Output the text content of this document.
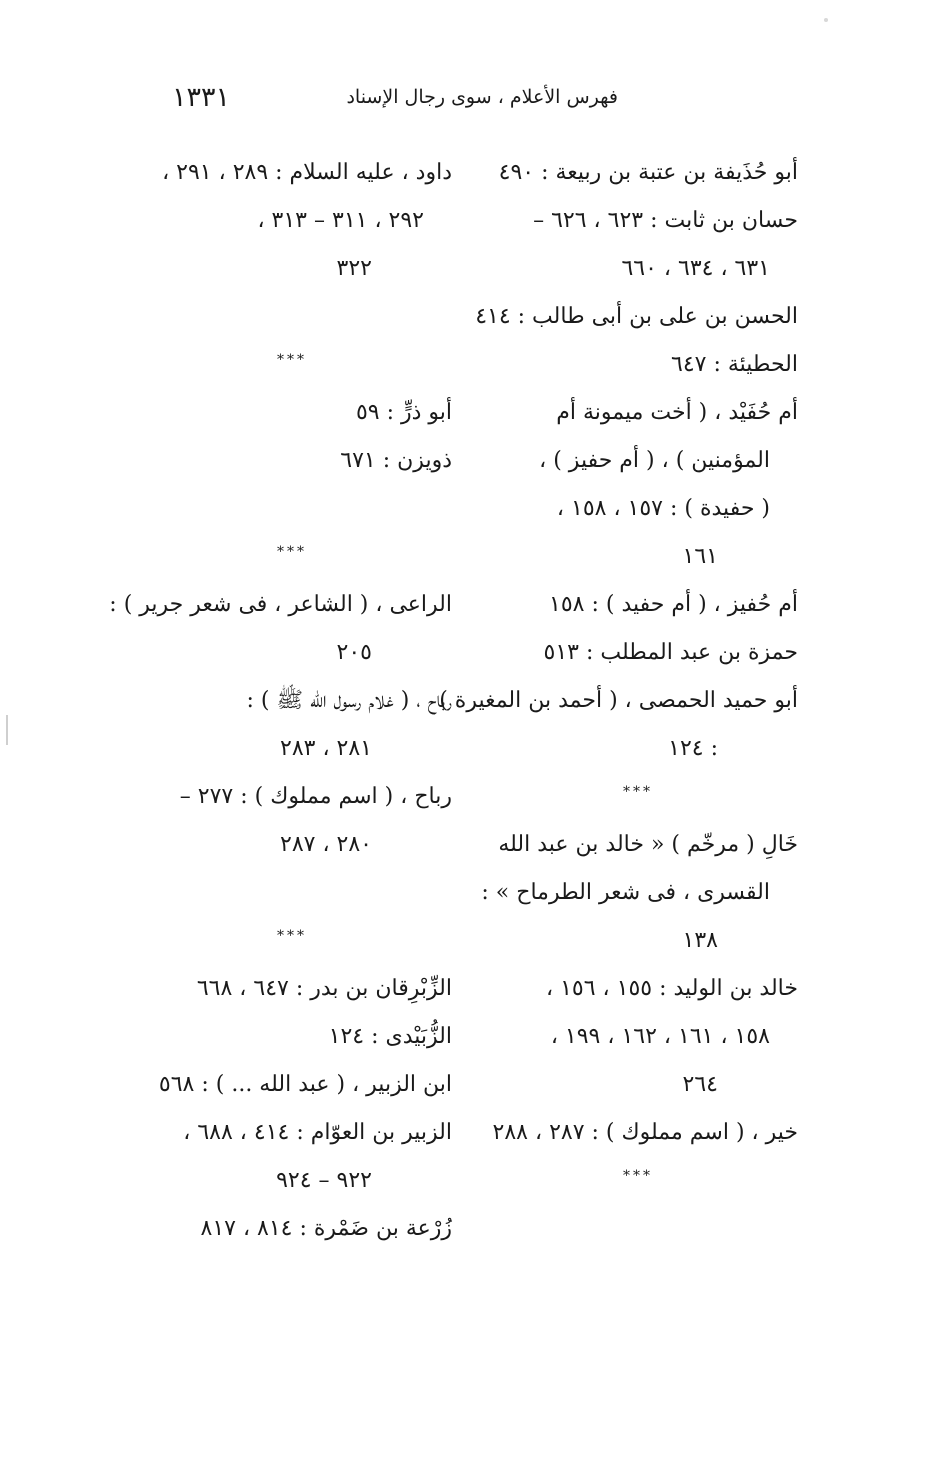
١٣٣١	فهرس الأعلام ، سوى رجال الإسناد
أبو حُذَيفة بن عتبة بن ربيعة : ٤٩٠
حسان بن ثابت : ٦٢٣ ، ٦٢٦ –
٦٣١ ، ٦٣٤ ، ٦٦٠
الحسن بن على بن أبى طالب : ٤١٤
الحطيئة : ٦٤٧
أم حُفَيْد ، ( أخت ميمونة أم
المؤمنين ) ، ( أم حفيز ) ،
( حفيدة ) : ١٥٧ ، ١٥٨ ،
١٦١
أم حُفيز ، ( أم حفيد ) : ١٥٨
حمزة بن عبد المطلب : ٥١٣
أبو حميد الحمصى ، ( أحمد بن المغيرة )
: ١٢٤
***
خَالِ ( مرخّم ) « خالد بن عبد الله
القسرى ، فى شعر الطرماح » :
١٣٨
خالد بن الوليد : ١٥٥ ، ١٥٦ ،
١٥٨ ، ١٦١ ، ١٦٢ ، ١٩٩ ،
٢٦٤
خير ، ( اسم مملوك ) : ٢٨٧ ، ٢٨٨
***
داود ، عليه السلام : ٢٨٩ ، ٢٩١ ،
٢٩٢ ، ٣١١ – ٣١٣ ،
٣٢٢
***
أبو ذرٍّ : ٥٩
ذويزن : ٦٧١
***
الراعى ، ( الشاعر ، فى شعر جرير ) :
٢٠٥
رباح ، ( غلام رسول الله ﷺ ) :
٢٨١ ، ٢٨٣
رباح ، ( اسم مملوك ) : ٢٧٧ –
٢٨٠ ، ٢٨٧
***
الزِّبْرِقان بن بدر : ٦٤٧ ، ٦٦٨
الزُّبَيْدى : ١٢٤
ابن الزبير ، ( عبد الله ... ) : ٥٦٨
الزبير بن العوّام : ٤١٤ ، ٦٨٨ ،
٩٢٢ – ٩٢٤
زُرْعة بن ضَمْرة : ٨١٤ ، ٨١٧
